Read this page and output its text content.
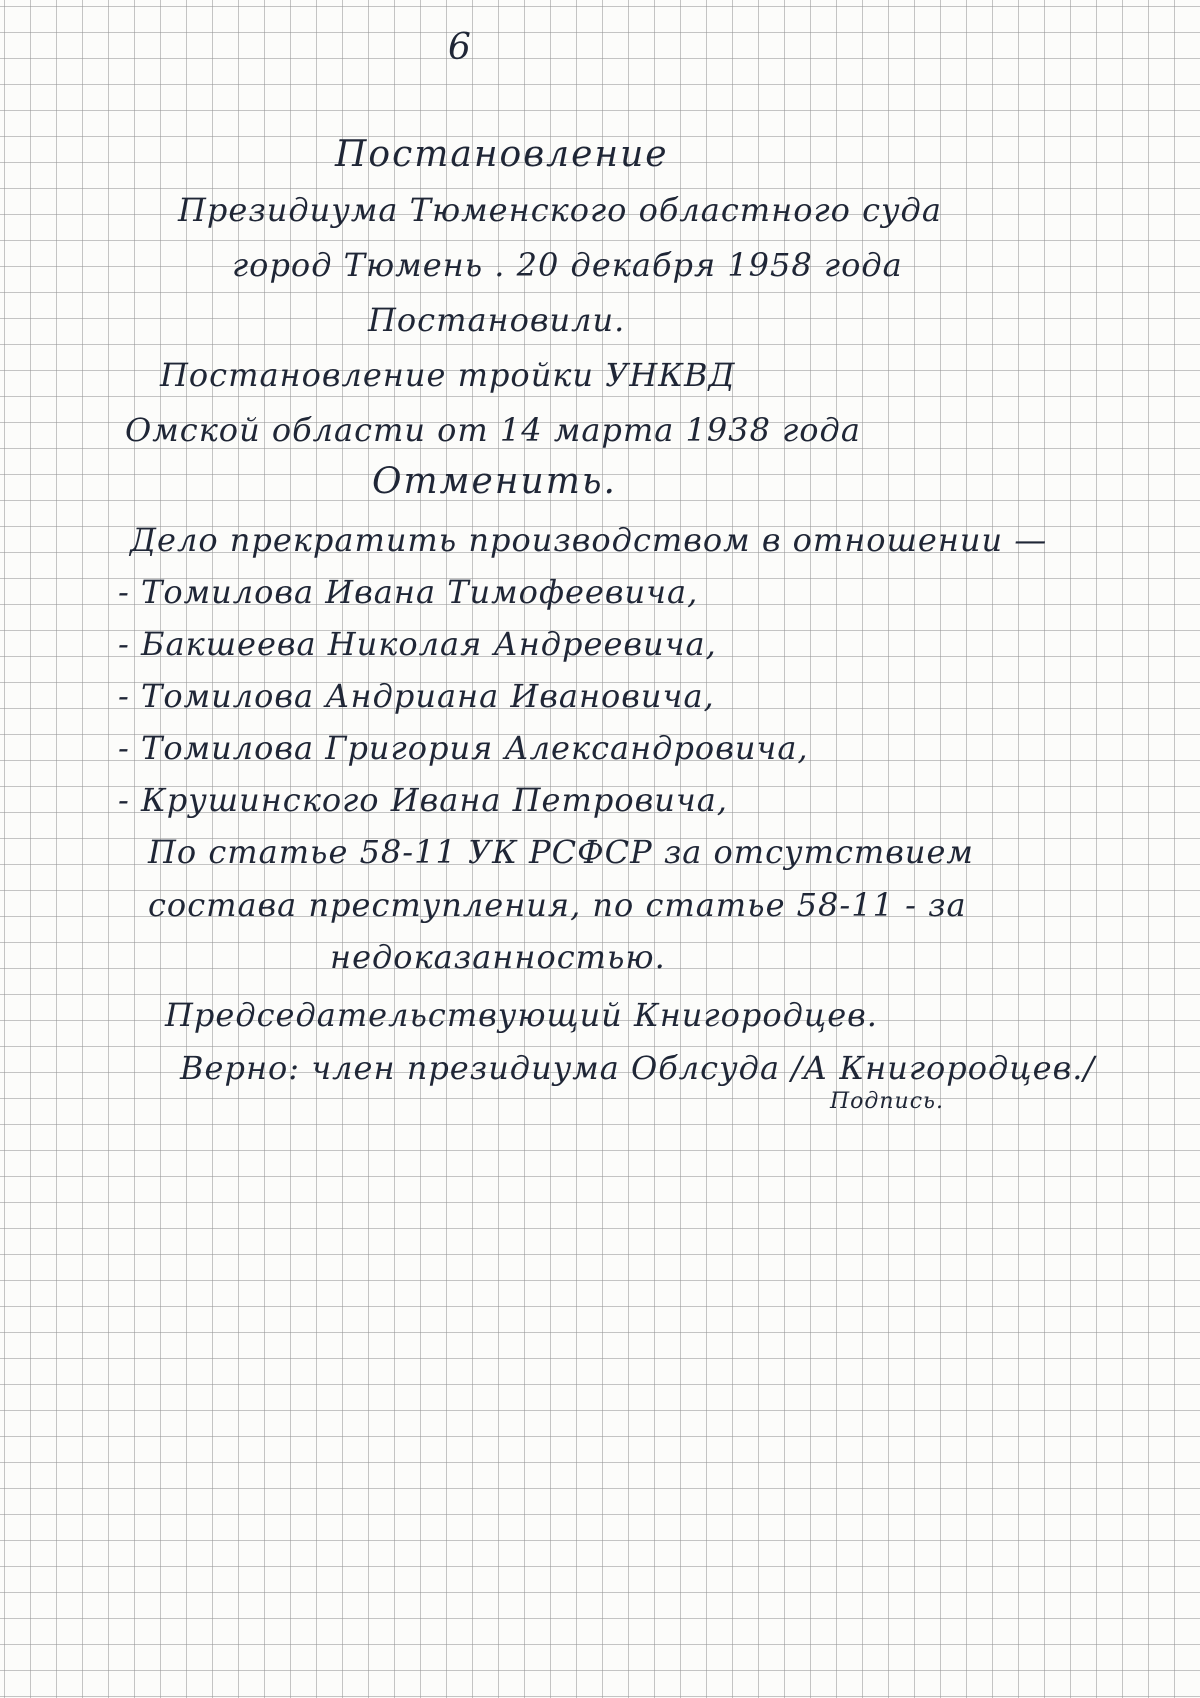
6
Постановление
Президиума Тюменского областного суда
город Тюмень . 20 декабря 1958 года
Постановили.
Постановление тройки УНКВД
Омской области от 14 марта 1938 года
Отменить.
Дело прекратить производством в отношении —
- Томилова Ивана Тимофеевича,
- Бакшеева Николая Андреевича,
- Томилова Андриана Ивановича,
- Томилова Григория Александровича,
- Крушинского Ивана Петровича,
По статье 58-11 УК РСФСР за отсутствием
состава преступления, по статье 58-11 - за
недоказанностью.
Председательствующий Книгородцев.
Верно: член президиума Облсуда /А Книгородцев./
Подпись.
